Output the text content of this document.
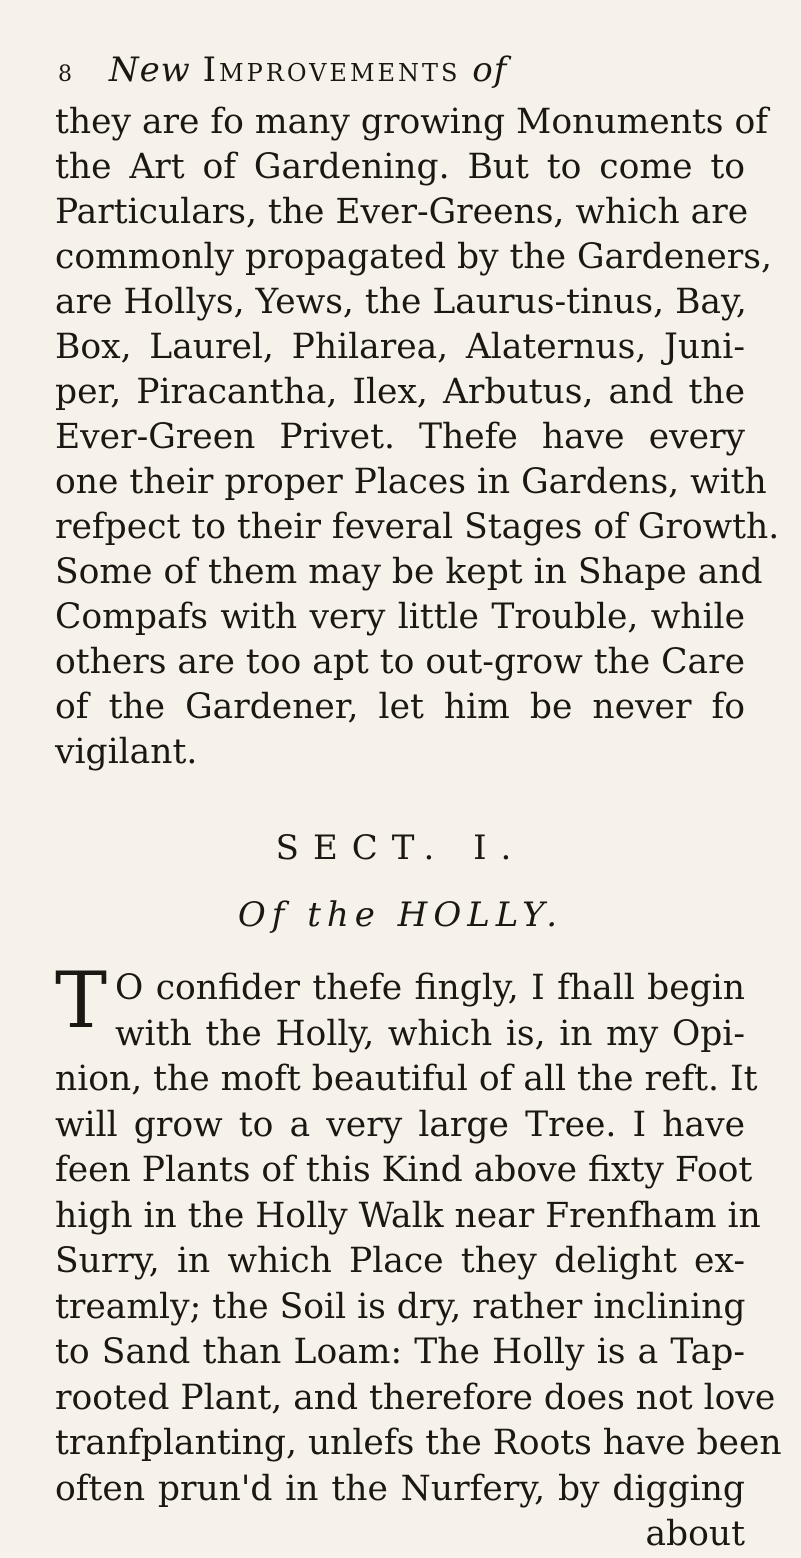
8 New Improvements of
they are fo many growing Monuments of
the Art of Gardening. But to come to
Particulars, the Ever-Greens, which are
commonly propagated by the Gardeners,
are Hollys, Yews, the Laurus-tinus, Bay,
Box, Laurel, Philarea, Alaternus, Juni-
per, Piracantha, Ilex, Arbutus, and the
Ever-Green Privet. Thefe have every
one their proper Places in Gardens, with
refpect to their feveral Stages of Growth.
Some of them may be kept in Shape and
Compafs with very little Trouble, while
others are too apt to out-grow the Care
of the Gardener, let him be never fo
vigilant.
SECT. I.
Of the HOLLY.
T O confider thefe fingly, I fhall begin
with the Holly, which is, in my Opi-
nion, the moft beautiful of all the reft. It
will grow to a very large Tree. I have
feen Plants of this Kind above fixty Foot
high in the Holly Walk near Frenfham in
Surry, in which Place they delight ex-
treamly; the Soil is dry, rather inclining
to Sand than Loam: The Holly is a Tap-
rooted Plant, and therefore does not love
tranfplanting, unlefs the Roots have been
often prun'd in the Nurfery, by digging
about
